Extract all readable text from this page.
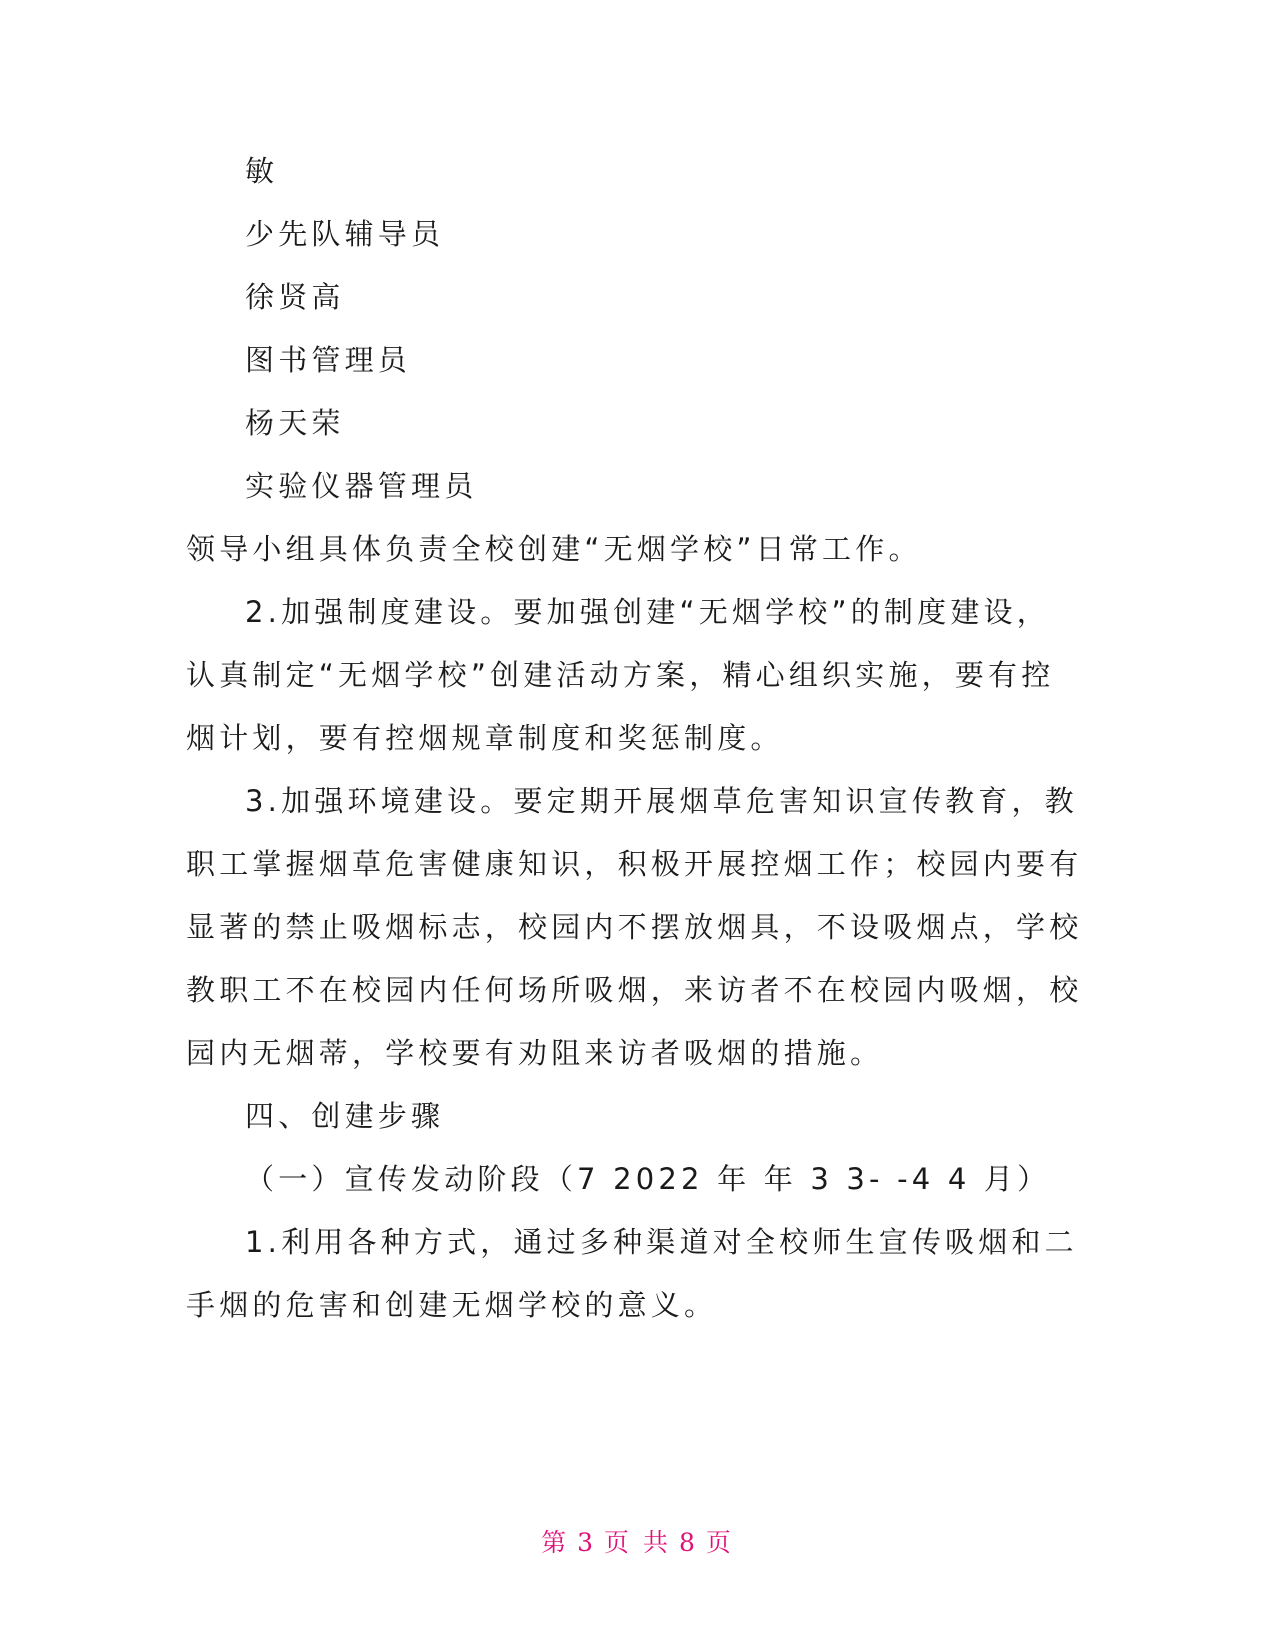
敏
少先队辅导员
徐贤高
图书管理员
杨天荣
实验仪器管理员
领导小组具体负责全校创建“无烟学校”日常工作。
2.加强制度建设。要加强创建“无烟学校”的制度建设，
认真制定“无烟学校”创建活动方案，精心组织实施，要有控
烟计划，要有控烟规章制度和奖惩制度。
3.加强环境建设。要定期开展烟草危害知识宣传教育，教
职工掌握烟草危害健康知识，积极开展控烟工作；校园内要有
显著的禁止吸烟标志，校园内不摆放烟具，不设吸烟点，学校
教职工不在校园内任何场所吸烟，来访者不在校园内吸烟，校
园内无烟蒂，学校要有劝阻来访者吸烟的措施。
四、创建步骤
（一）宣传发动阶段（7 2022 年 年 3 3- -4 4 月）
1.利用各种方式，通过多种渠道对全校师生宣传吸烟和二
手烟的危害和创建无烟学校的意义。
第 3 页 共 8 页
